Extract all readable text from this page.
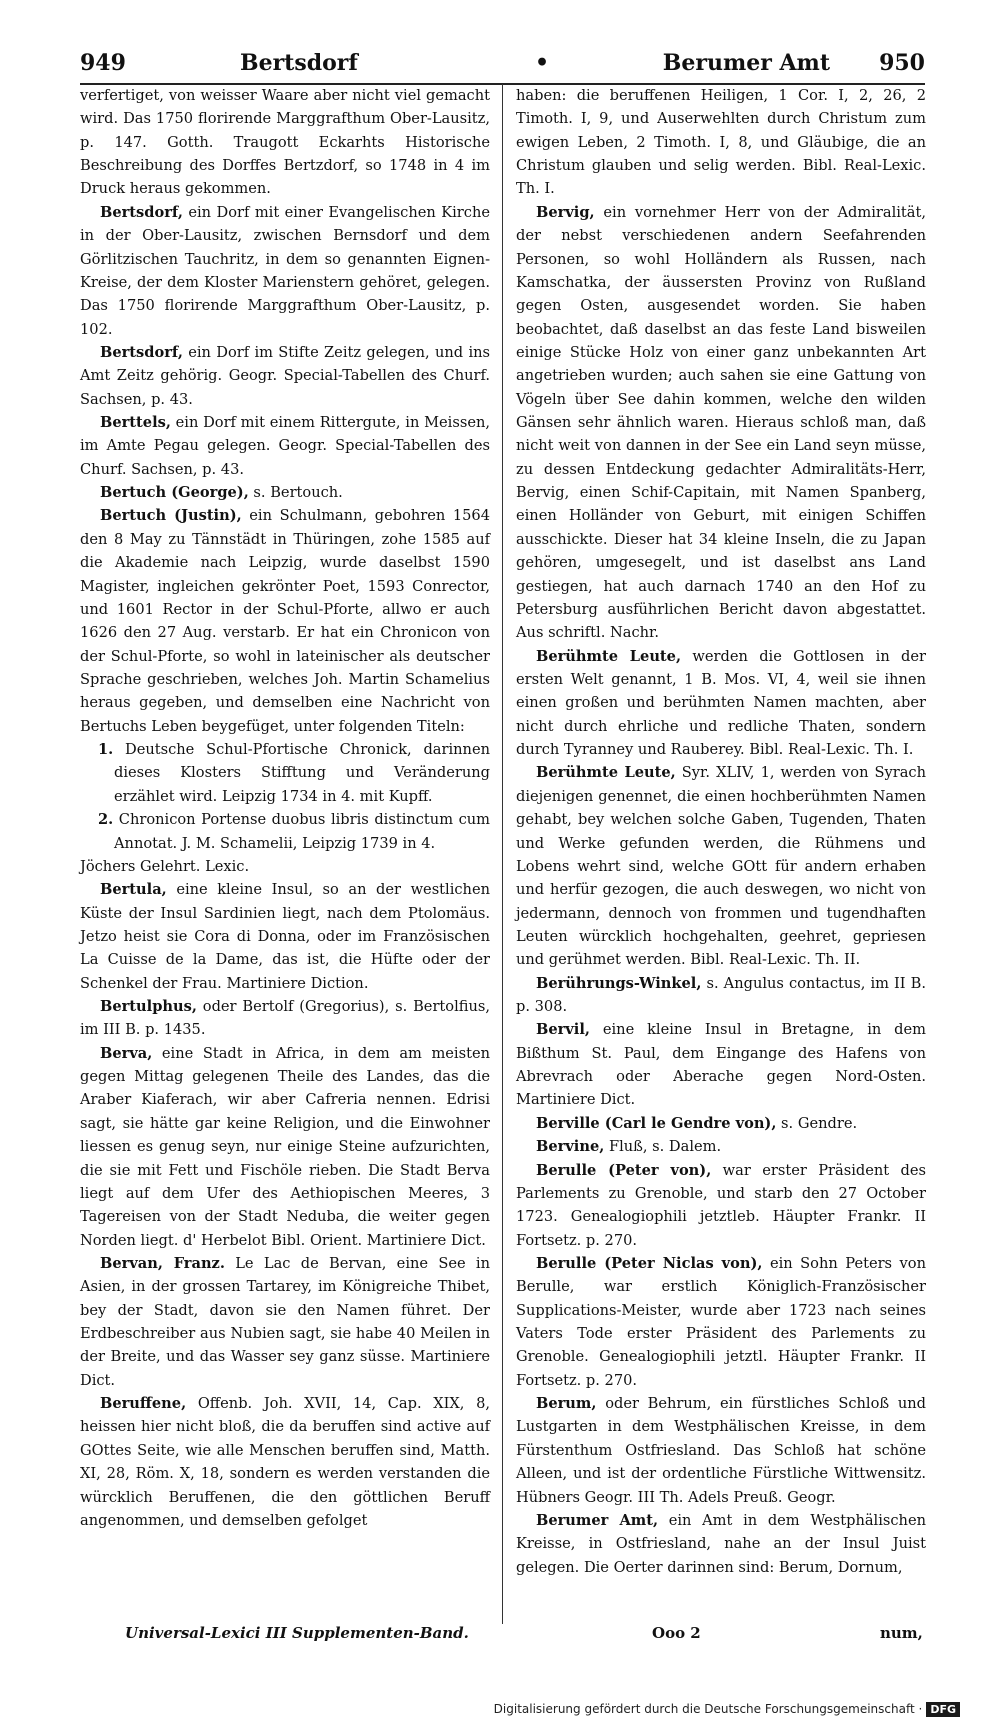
949	Bertsdorf	•	Berumer Amt 950

verfertiget, von weisser Waare aber nicht viel gemacht wird. Das 1750 florirende Marggrafthum Ober-Lausitz, p. 147. Gotth. Traugott Eckarhts Historische Beschreibung des Dorffes Bertzdorf, so 1748 in 4 im Druck heraus gekommen.

Bertsdorf, ein Dorf mit einer Evangelischen Kirche in der Ober-Lausitz, zwischen Bernsdorf und dem Görlitzischen Tauchritz, in dem so genannten Eignen-Kreise, der dem Kloster Marienstern gehöret, gelegen. Das 1750 florirende Marggrafthum Ober-Lausitz, p. 102.

Bertsdorf, ein Dorf im Stifte Zeitz gelegen, und ins Amt Zeitz gehörig. Geogr. Special-Tabellen des Churf. Sachsen, p. 43.

Berttels, ein Dorf mit einem Rittergute, in Meissen, im Amte Pegau gelegen. Geogr. Special-Tabellen des Churf. Sachsen, p. 43.

Bertuch (George), s. Bertouch.

Bertuch (Justin), ein Schulmann, gebohren 1564 den 8 May zu Tännstädt in Thüringen, zohe 1585 auf die Akademie nach Leipzig, wurde daselbst 1590 Magister, ingleichen gekrönter Poet, 1593 Conrector, und 1601 Rector in der Schul-Pforte, allwo er auch 1626 den 27 Aug. verstarb. Er hat ein Chronicon von der Schul-Pforte, so wohl in lateinischer als deutscher Sprache geschrieben, welches Joh. Martin Schamelius heraus gegeben, und demselben eine Nachricht von Bertuchs Leben beygefüget, unter folgenden Titeln:

1. Deutsche Schul-Pfortische Chronick, darinnen dieses Klosters Stifftung und Veränderung erzählet wird. Leipzig 1734 in 4. mit Kupff.

2. Chronicon Portense duobus libris distinctum cum Annotat. J. M. Schamelii, Leipzig 1739 in 4.

Jöchers Gelehrt. Lexic.

Bertula, eine kleine Insul, so an der westlichen Küste der Insul Sardinien liegt, nach dem Ptolomäus. Jetzo heist sie Cora di Donna, oder im Französischen La Cuisse de la Dame, das ist, die Hüfte oder der Schenkel der Frau. Martiniere Diction.

Bertulphus, oder Bertolf (Gregorius), s. Bertolfius, im III B. p. 1435.

Berva, eine Stadt in Africa, in dem am meisten gegen Mittag gelegenen Theile des Landes, das die Araber Kiaferach, wir aber Cafreria nennen. Edrisi sagt, sie hätte gar keine Religion, und die Einwohner liessen es genug seyn, nur einige Steine aufzurichten, die sie mit Fett und Fischöle rieben. Die Stadt Berva liegt auf dem Ufer des Aethiopischen Meeres, 3 Tagereisen von der Stadt Neduba, die weiter gegen Norden liegt. d' Herbelot Bibl. Orient. Martiniere Dict.

Bervan, Franz. Le Lac de Bervan, eine See in Asien, in der grossen Tartarey, im Königreiche Thibet, bey der Stadt, davon sie den Namen führet. Der Erdbeschreiber aus Nubien sagt, sie habe 40 Meilen in der Breite, und das Wasser sey ganz süsse. Martiniere Dict.

Beruffene, Offenb. Joh. XVII, 14, Cap. XIX, 8, heissen hier nicht bloß, die da beruffen sind active auf GOttes Seite, wie alle Menschen beruffen sind, Matth. XI, 28, Röm. X, 18, sondern es werden verstanden die würcklich Beruffenen, die den göttlichen Beruff angenommen, und demselben gefolget

haben: die beruffenen Heiligen, 1 Cor. I, 2, 26, 2 Timoth. I, 9, und Auserwehlten durch Christum zum ewigen Leben, 2 Timoth. I, 8, und Gläubige, die an Christum glauben und selig werden. Bibl. Real-Lexic. Th. I.

Bervig, ein vornehmer Herr von der Admiralität, der nebst verschiedenen andern Seefahrenden Personen, so wohl Holländern als Russen, nach Kamschatka, der äussersten Provinz von Rußland gegen Osten, ausgesendet worden. Sie haben beobachtet, daß daselbst an das feste Land bisweilen einige Stücke Holz von einer ganz unbekannten Art angetrieben wurden; auch sahen sie eine Gattung von Vögeln über See dahin kommen, welche den wilden Gänsen sehr ähnlich waren. Hieraus schloß man, daß nicht weit von dannen in der See ein Land seyn müsse, zu dessen Entdeckung gedachter Admiralitäts-Herr, Bervig, einen Schif-Capitain, mit Namen Spanberg, einen Holländer von Geburt, mit einigen Schiffen ausschickte. Dieser hat 34 kleine Inseln, die zu Japan gehören, umgesegelt, und ist daselbst ans Land gestiegen, hat auch darnach 1740 an den Hof zu Petersburg ausführlichen Bericht davon abgestattet. Aus schriftl. Nachr.

Berühmte Leute, werden die Gottlosen in der ersten Welt genannt, 1 B. Mos. VI, 4, weil sie ihnen einen großen und berühmten Namen machten, aber nicht durch ehrliche und redliche Thaten, sondern durch Tyranney und Rauberey. Bibl. Real-Lexic. Th. I.

Berühmte Leute, Syr. XLIV, 1, werden von Syrach diejenigen genennet, die einen hochberühmten Namen gehabt, bey welchen solche Gaben, Tugenden, Thaten und Werke gefunden werden, die Rühmens und Lobens wehrt sind, welche GOtt für andern erhaben und herfür gezogen, die auch deswegen, wo nicht von jedermann, dennoch von frommen und tugendhaften Leuten würcklich hochgehalten, geehret, gepriesen und gerühmet werden. Bibl. Real-Lexic. Th. II.

Berührungs-Winkel, s. Angulus contactus, im II B. p. 308.

Bervil, eine kleine Insul in Bretagne, in dem Bißthum St. Paul, dem Eingange des Hafens von Abrevrach oder Aberache gegen Nord-Osten. Martiniere Dict.

Berville (Carl le Gendre von), s. Gendre.

Bervine, Fluß, s. Dalem.

Berulle (Peter von), war erster Präsident des Parlements zu Grenoble, und starb den 27 October 1723. Genealogiophili jetztleb. Häupter Frankr. II Fortsetz. p. 270.

Berulle (Peter Niclas von), ein Sohn Peters von Berulle, war erstlich Königlich-Französischer Supplications-Meister, wurde aber 1723 nach seines Vaters Tode erster Präsident des Parlements zu Grenoble. Genealogiophili jetztl. Häupter Frankr. II Fortsetz. p. 270.

Berum, oder Behrum, ein fürstliches Schloß und Lustgarten in dem Westphälischen Kreisse, in dem Fürstenthum Ostfriesland. Das Schloß hat schöne Alleen, und ist der ordentliche Fürstliche Wittwensitz. Hübners Geogr. III Th. Adels Preuß. Geogr.

Berumer Amt, ein Amt in dem Westphälischen Kreisse, in Ostfriesland, nahe an der Insul Juist gelegen. Die Oerter darinnen sind: Berum, Dornum,

Universal-Lexici III Supplementen-Band.	Ooo 2	num,
Digitalisierung gefördert durch die Deutsche Forschungsgemeinschaft · DFG
